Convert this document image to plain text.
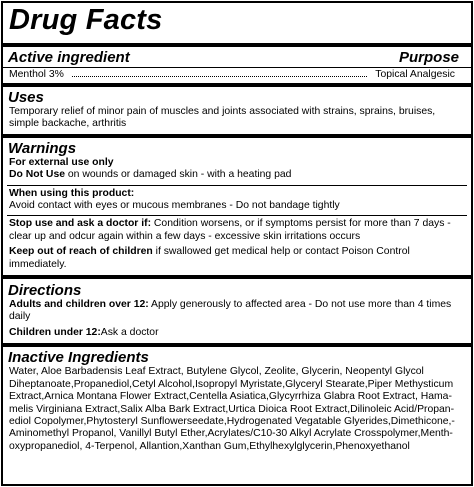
Drug Facts
Active ingredient	Purpose
Menthol 3%	Topical Analgesic
Uses
Temporary relief of minor pain of muscles and joints associated with strains, sprains, bruises, simple backache, arthritis
Warnings
For external use only
Do Not Use on wounds or damaged skin - with a heating pad
When using this product:
Avoid contact with eyes or mucous membranes - Do not bandage tightly
Stop use and ask a doctor if: Condition worsens, or if symptoms persist for more than 7 days - clear up and odcur again within a few days - excessive skin irritations occurs
Keep out of reach of children if swallowed get medical help or contact Poison Control immediately.
Directions
Adults and children over 12: Apply generously to affected area - Do not use more than 4 times daily
Children under 12:Ask a doctor
Inactive Ingredients
Water, Aloe Barbadensis Leaf Extract, Butylene Glycol, Zeolite, Glycerin, Neopentyl Glycol Diheptanoate,Propanediol,Cetyl Alcohol,Isopropyl Myristate,Glyceryl Stearate,Piper Methysticum Extract,Arnica Montana Flower Extract,Centella Asiatica,Glycyrrhiza Glabra Root Extract, Hama-melis Virginiana Extract,Salix Alba Bark Extract,Urtica Dioica Root Extract,Dilinoleic Acid/Propan-ediol Copolymer,Phytosteryl Sunflowerseedate,Hydrogenated Vegatable Glyerides,Dimethicone,-Aminomethyl Propanol, Vanillyl Butyl Ether,Acrylates/C10-30 Alkyl Acrylate Crosspolymer,Menth-oxypropanediol, 4-Terpenol, Allantion,Xanthan Gum,Ethylhexylglycerin,Phenoxyethanol
